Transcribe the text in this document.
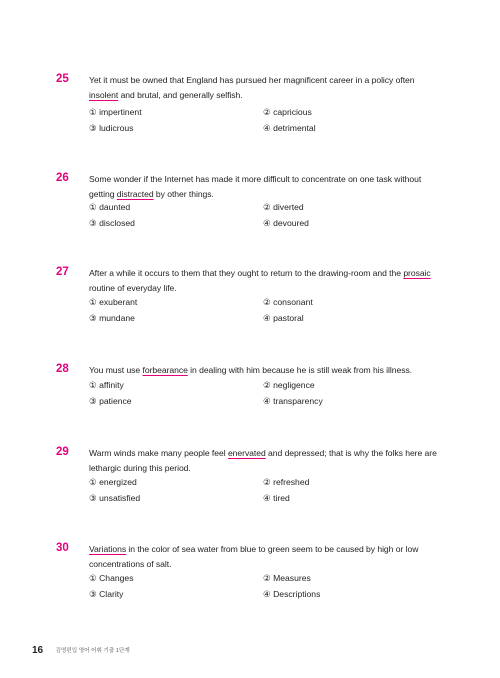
25 Yet it must be owned that England has pursued her magnificent career in a policy often insolent and brutal, and generally selfish.
① impertinent	② capricious
③ ludicrous	④ detrimental
26 Some wonder if the Internet has made it more difficult to concentrate on one task without getting distracted by other things.
① daunted	② diverted
③ disclosed	④ devoured
27 After a while it occurs to them that they ought to return to the drawing-room and the prosaic routine of everyday life.
① exuberant	② consonant
③ mundane	④ pastoral
28 You must use forbearance in dealing with him because he is still weak from his illness.
① affinity	② negligence
③ patience	④ transparency
29 Warm winds make many people feel enervated and depressed; that is why the folks here are lethargic during this period.
① energized	② refreshed
③ unsatisfied	④ tired
30 Variations in the color of sea water from blue to green seem to be caused by high or low concentrations of salt.
① Changes	② Measures
③ Clarity	④ Descriptions
16 김영편입 영어 어휘 기출 1단계
